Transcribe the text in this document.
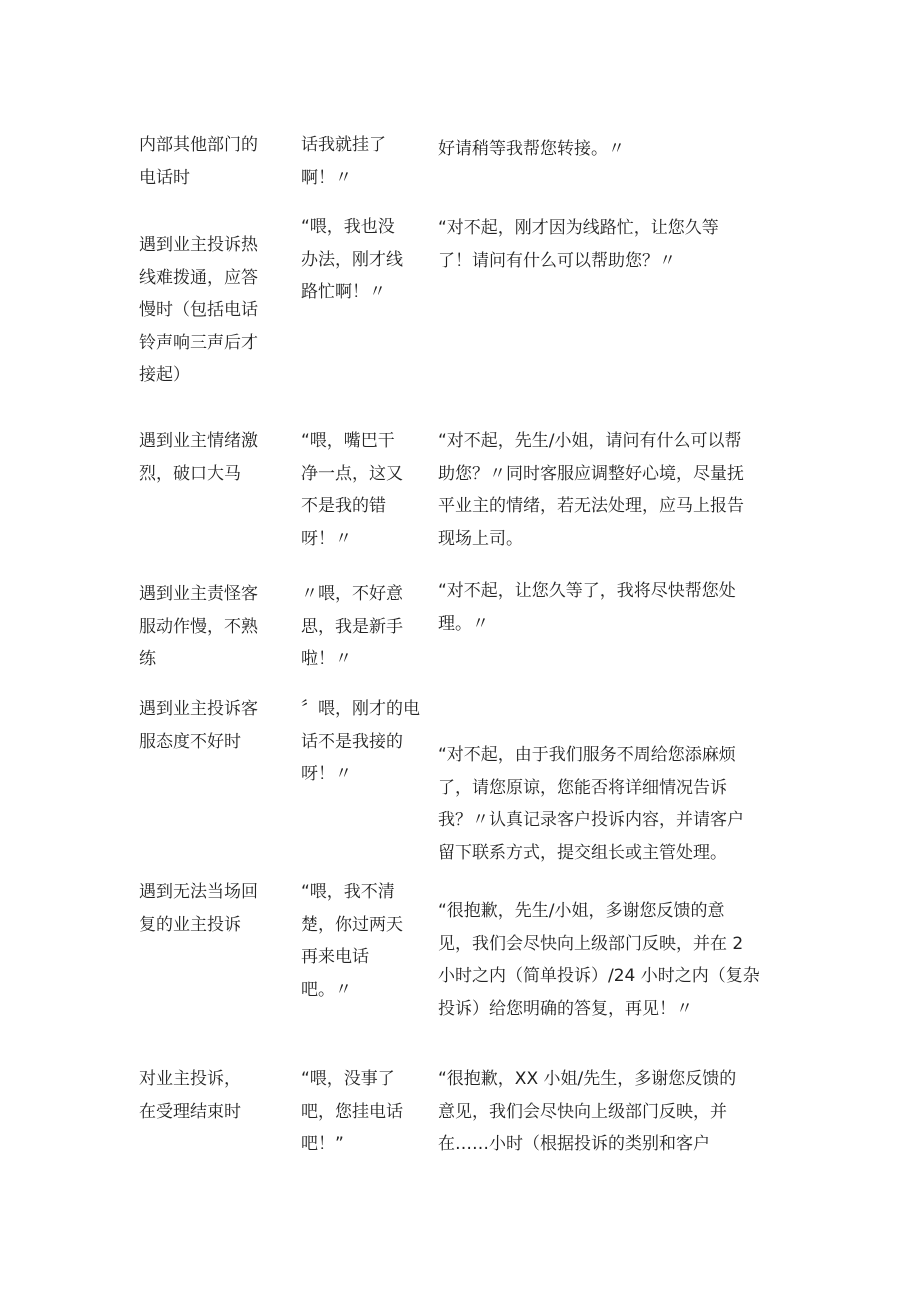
内部其他部门的
电话时

话我就挂了
啊！〃

好请稍等我帮您转接。〃

遇到业主投诉热
线难拨通，应答
慢时（包括电话
铃声响三声后才
接起）

“喂，我也没
办法，刚才线
路忙啊！〃

“对不起，刚才因为线路忙，让您久等
了！请问有什么可以帮助您？〃

遇到业主情绪激
烈，破口大马

“喂，嘴巴干
净一点，这又
不是我的错
呀！〃

“对不起，先生/小姐，请问有什么可以帮
助您？〃同时客服应调整好心境，尽量抚
平业主的情绪，若无法处理，应马上报告
现场上司。

遇到业主责怪客
服动作慢，不熟
练

〃喂，不好意
思，我是新手
啦！〃

“对不起，让您久等了，我将尽快帮您处
理。〃

遇到业主投诉客
服态度不好时

〞喂，刚才的电
话不是我接的
呀！〃

“对不起，由于我们服务不周给您添麻烦
了，请您原谅，您能否将详细情况告诉
我？〃认真记录客户投诉内容，并请客户
留下联系方式，提交组长或主管处理。

遇到无法当场回
复的业主投诉

“喂，我不清
楚，你过两天
再来电话
吧。〃

“很抱歉，先生/小姐，多谢您反馈的意
见，我们会尽快向上级部门反映，并在 2
小时之内（简单投诉）/24 小时之内（复杂
投诉）给您明确的答复，再见！〃

对业主投诉，
在受理结束时

“喂，没事了
吧，您挂电话
吧！”

“很抱歉，XX 小姐/先生，多谢您反馈的
意见，我们会尽快向上级部门反映，并
在……小时（根据投诉的类别和客户
